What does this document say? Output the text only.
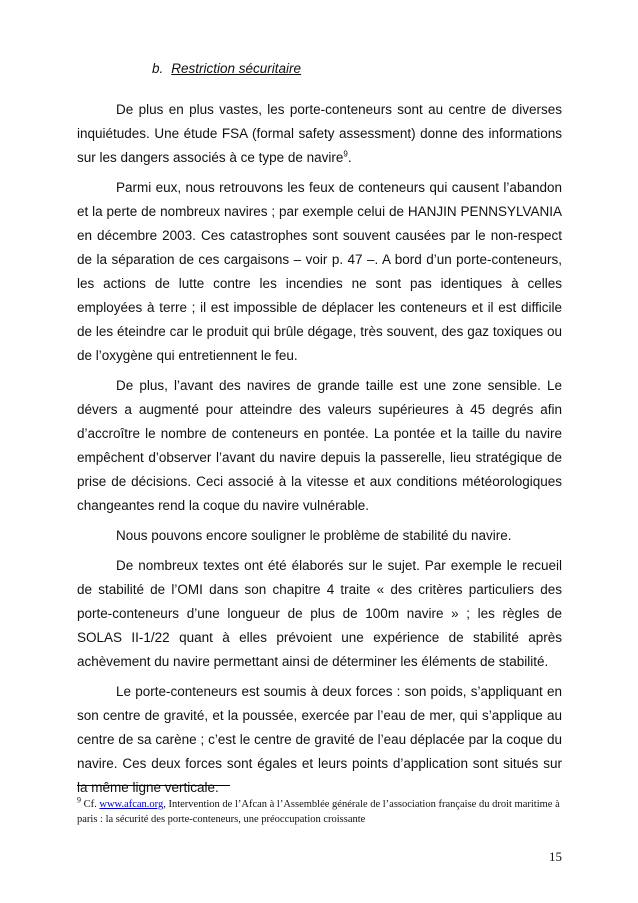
b. Restriction sécuritaire

De plus en plus vastes, les porte-conteneurs sont au centre de diverses inquiétudes. Une étude FSA (formal safety assessment) donne des informations sur les dangers associés à ce type de navire$^9$.

Parmi eux, nous retrouvons les feux de conteneurs qui causent l’abandon et la perte de nombreux navires ; par exemple celui de HANJIN PENNSYLVANIA en décembre 2003. Ces catastrophes sont souvent causées par le non-respect de la séparation de ces cargaisons – voir p. 47 –. A bord d’un porte-conteneurs, les actions de lutte contre les incendies ne sont pas identiques à celles employées à terre ; il est impossible de déplacer les conteneurs et il est difficile de les éteindre car le produit qui brûle dégage, très souvent, des gaz toxiques ou de l’oxygène qui entretiennent le feu.

De plus, l’avant des navires de grande taille est une zone sensible. Le dévers a augmenté pour atteindre des valeurs supérieures à 45 degrés afin d’accroître le nombre de conteneurs en pontée. La pontée et la taille du navire empêchent d’observer l’avant du navire depuis la passerelle, lieu stratégique de prise de décisions. Ceci associé à la vitesse et aux conditions météorologiques changeantes rend la coque du navire vulnérable.

Nous pouvons encore souligner le problème de stabilité du navire.

De nombreux textes ont été élaborés sur le sujet. Par exemple le recueil de stabilité de l’OMI dans son chapitre 4 traite « des critères particuliers des porte-conteneurs d’une longueur de plus de 100m navire » ; les règles de SOLAS II-1/22 quant à elles prévoient une expérience de stabilité après achèvement du navire permettant ainsi de déterminer les éléments de stabilité.

Le porte-conteneurs est soumis à deux forces : son poids, s’appliquant en son centre de gravité, et la poussée, exercée par l’eau de mer, qui s’applique au centre de sa carène ; c’est le centre de gravité de l’eau déplacée par la coque du navire. Ces deux forces sont égales et leurs points d’application sont situés sur la même ligne verticale.

$^9$ Cf. www.afcan.org, Intervention de l’Afcan à l’Assemblée générale de l’association française du droit maritime à paris : la sécurité des porte-conteneurs, une préoccupation croissante

15
